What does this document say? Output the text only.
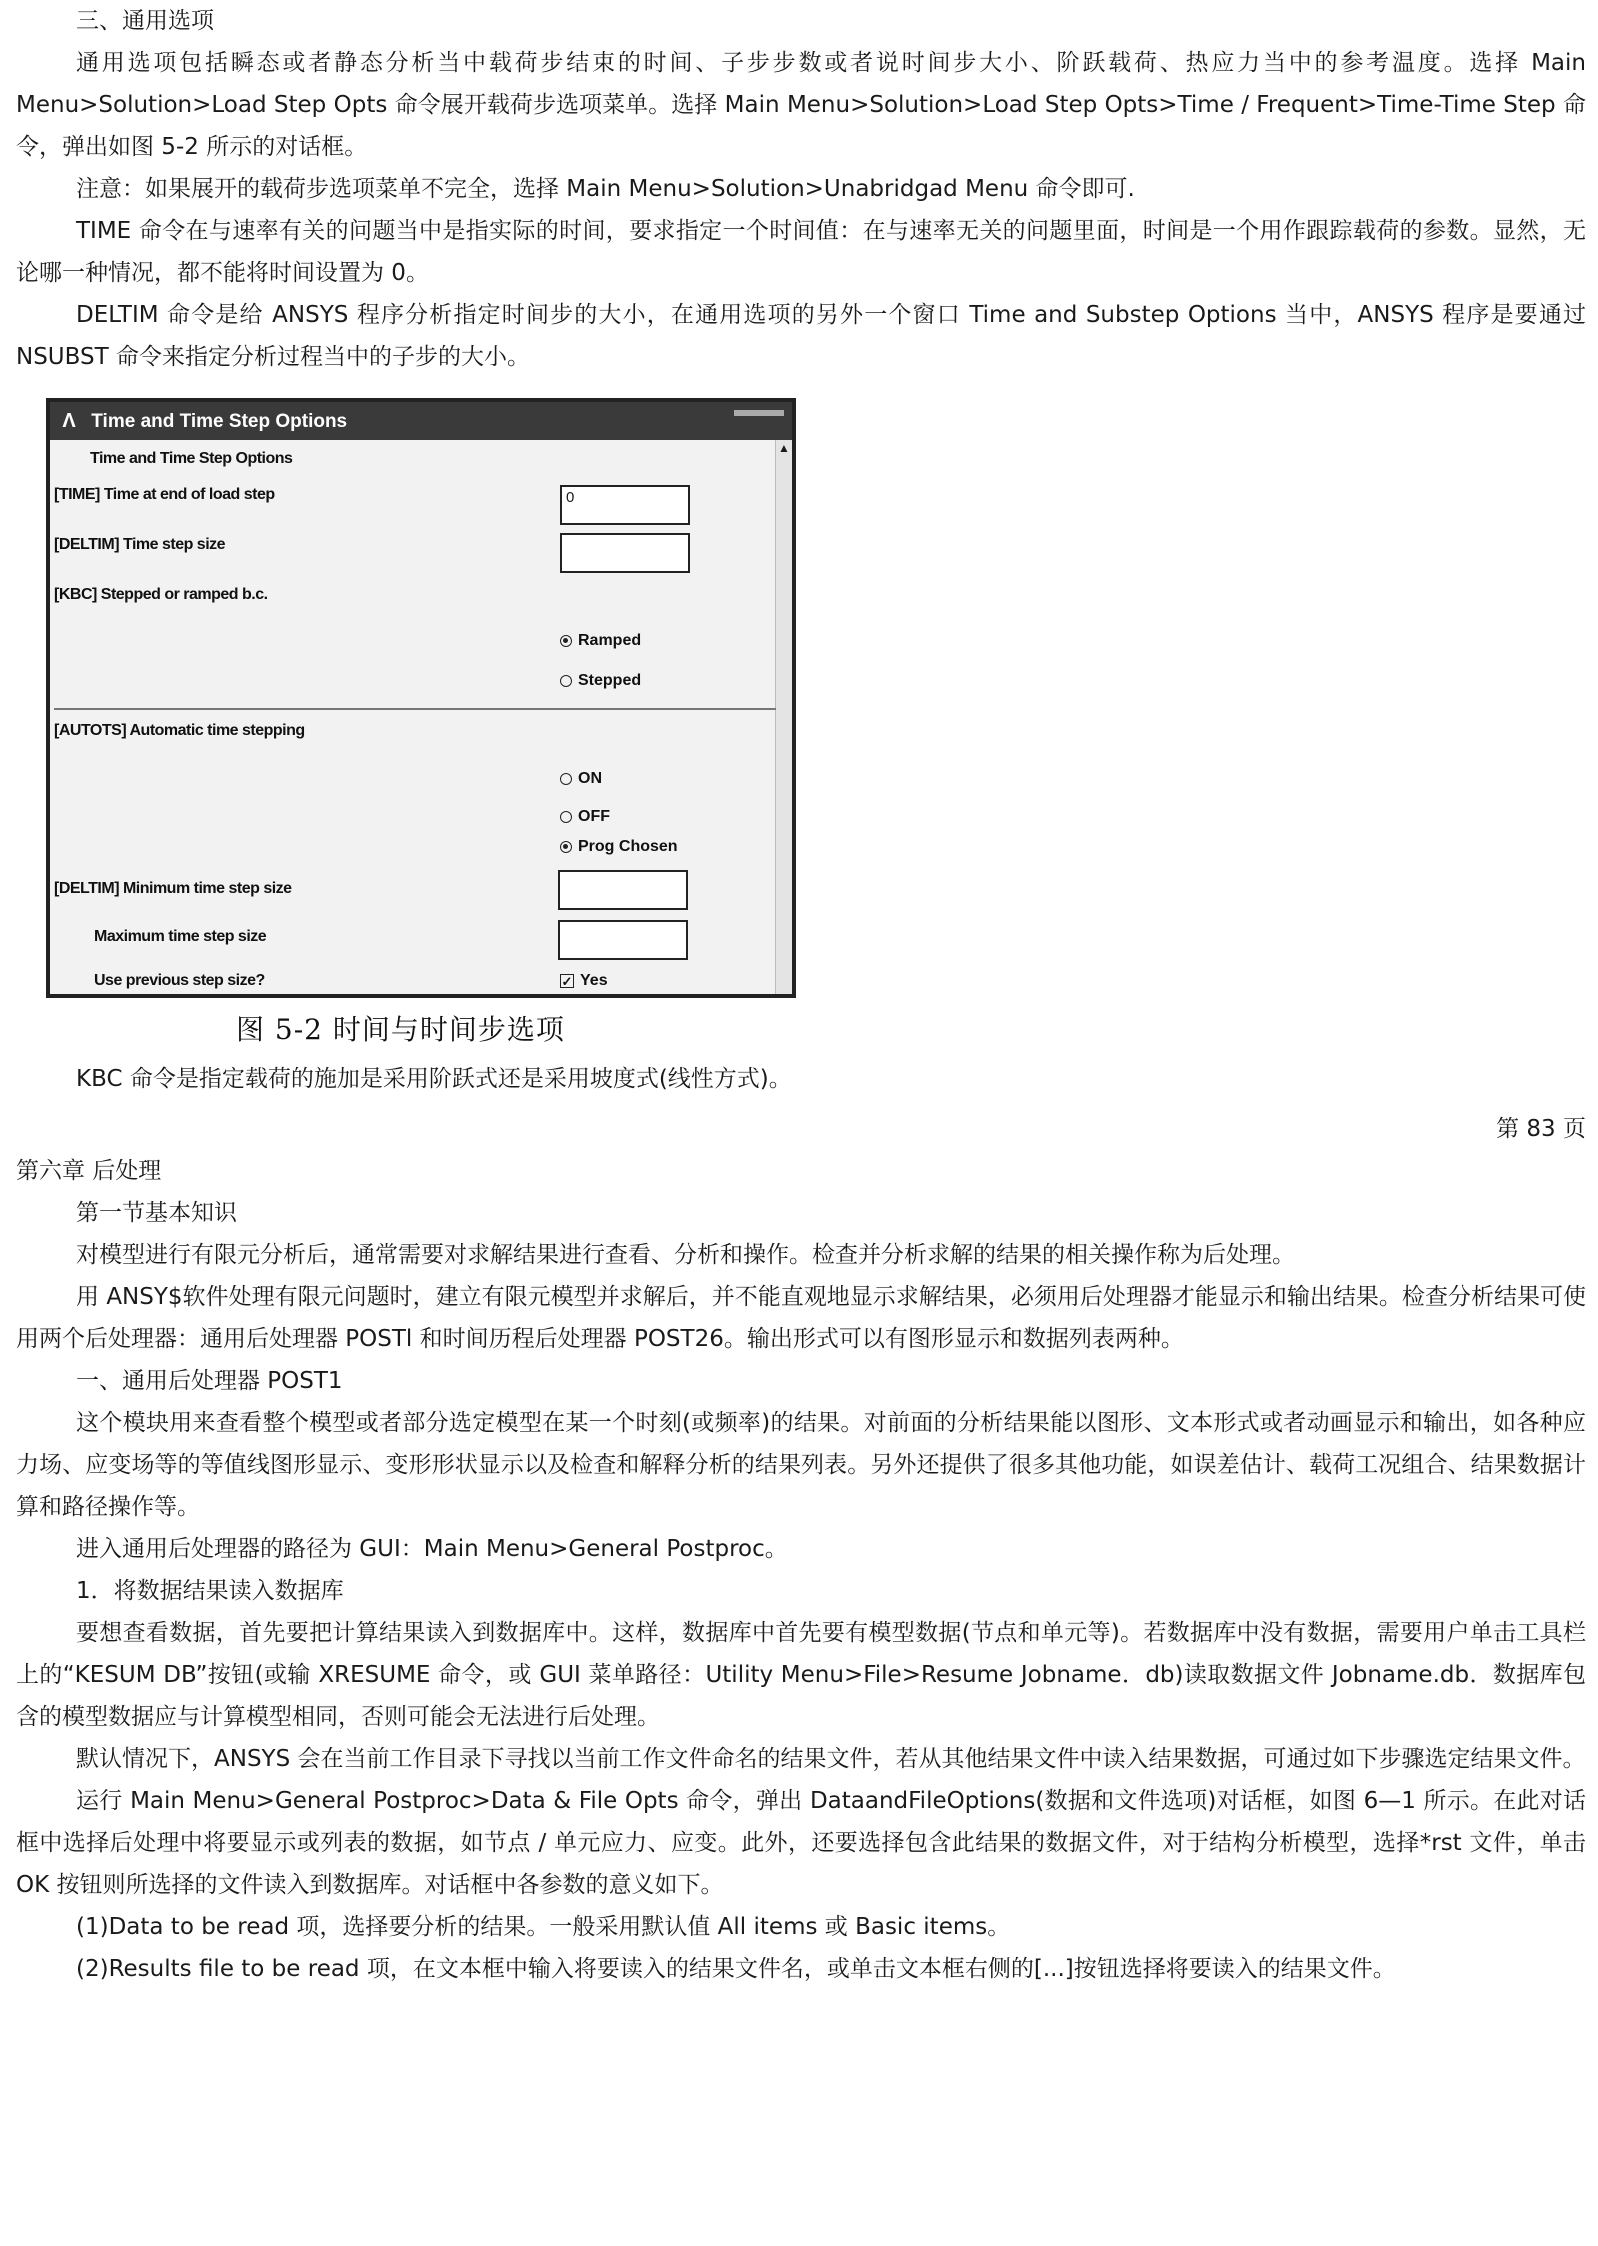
三、通用选项

通用选项包括瞬态或者静态分析当中载荷步结束的时间、子步步数或者说时间步大小、阶跃载荷、热应力当中的参考温度。选择 Main Menu>Solution>Load Step Opts 命令展开载荷步选项菜单。选择 Main Menu>Solution>Load Step Opts>Time / Frequent>Time-Time Step 命令，弹出如图 5-2 所示的对话框。

注意：如果展开的载荷步选项菜单不完全，选择 Main Menu>Solution>Unabridgad Menu 命令即可.

TIME 命令在与速率有关的问题当中是指实际的时间，要求指定一个时间值：在与速率无关的问题里面，时间是一个用作跟踪载荷的参数。显然，无论哪一种情况，都不能将时间设置为 0。

DELTIM 命令是给 ANSYS 程序分析指定时间步的大小，在通用选项的另外一个窗口 Time and Substep Options 当中，ANSYS 程序是要通过 NSUBST 命令来指定分析过程当中的子步的大小。

Λ Time and Time Step Options
▲
Time and Time Step Options
[TIME] Time at end of load step	0
[DELTIM] Time step size
[KBC] Stepped or ramped b.c.
Ramped
Stepped
[AUTOTS] Automatic time stepping
ON
OFF
Prog Chosen
[DELTIM] Minimum time step size
Maximum time step size
Use previous step size?	✓ Yes
图 5-2 时间与时间步选项

KBC 命令是指定载荷的施加是采用阶跃式还是采用坡度式(线性方式)。

第 83 页

第六章 后处理

第一节基本知识

对模型进行有限元分析后，通常需要对求解结果进行查看、分析和操作。检查并分析求解的结果的相关操作称为后处理。

用 ANSY$软件处理有限元问题时，建立有限元模型并求解后，并不能直观地显示求解结果，必须用后处理器才能显示和输出结果。检查分析结果可使用两个后处理器：通用后处理器 POSTl 和时间历程后处理器 POST26。输出形式可以有图形显示和数据列表两种。

一、通用后处理器 POST1

这个模块用来查看整个模型或者部分选定模型在某一个时刻(或频率)的结果。对前面的分析结果能以图形、文本形式或者动画显示和输出，如各种应力场、应变场等的等值线图形显示、变形形状显示以及检查和解释分析的结果列表。另外还提供了很多其他功能，如误差估计、载荷工况组合、结果数据计算和路径操作等。

进入通用后处理器的路径为 GUI：Main Menu>General Postproc。

1．将数据结果读入数据库

要想查看数据，首先要把计算结果读入到数据库中。这样，数据库中首先要有模型数据(节点和单元等)。若数据库中没有数据，需要用户单击工具栏上的“KESUM DB”按钮(或输 XRESUME 命令，或 GUI 菜单路径：Utility Menu>File>Resume Jobname．db)读取数据文件 Jobname.db．数据库包含的模型数据应与计算模型相同，否则可能会无法进行后处理。

默认情况下，ANSYS 会在当前工作目录下寻找以当前工作文件命名的结果文件，若从其他结果文件中读入结果数据，可通过如下步骤选定结果文件。

运行 Main Menu>General Postproc>Data & File Opts 命令，弹出 DataandFileOptions(数据和文件选项)对话框，如图 6—1 所示。在此对话框中选择后处理中将要显示或列表的数据，如节点 / 单元应力、应变。此外，还要选择包含此结果的数据文件，对于结构分析模型，选择*rst 文件，单击 OK 按钮则所选择的文件读入到数据库。对话框中各参数的意义如下。

(1)Data to be read 项，选择要分析的结果。一般采用默认值 All items 或 Basic items。

(2)Results file to be read 项，在文本框中输入将要读入的结果文件名，或单击文本框右侧的[...]按钮选择将要读入的结果文件。
